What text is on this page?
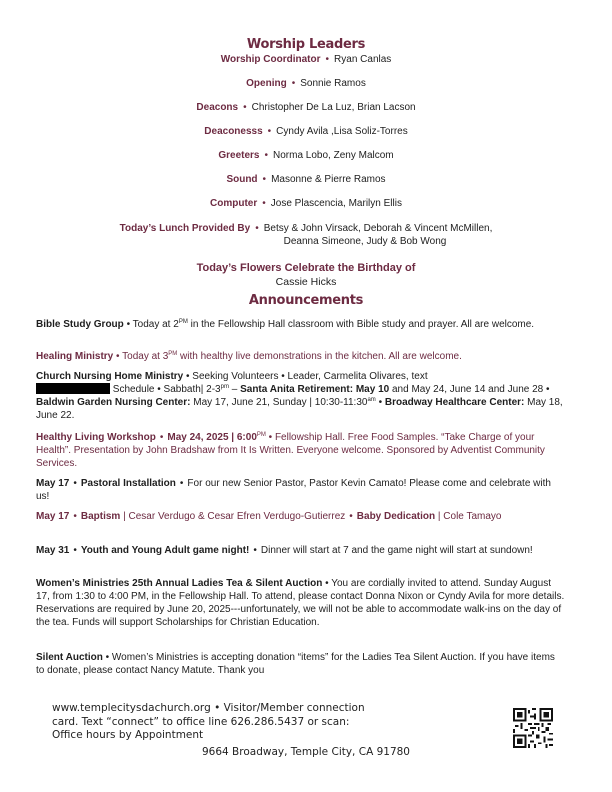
Worship Leaders
Worship Coordinator • Ryan Canlas
Opening • Sonnie Ramos
Deacons • Christopher De La Luz, Brian Lacson
Deaconesss • Cyndy Avila ,Lisa Soliz-Torres
Greeters • Norma Lobo, Zeny Malcom
Sound • Masonne & Pierre Ramos
Computer • Jose Plascencia, Marilyn Ellis
Today’s Lunch Provided By • Betsy & John Virsack, Deborah & Vincent McMillen,
Deanna Simeone, Judy & Bob Wong
Today’s Flowers Celebrate the Birthday of
Cassie Hicks
Announcements
Bible Study Group • Today at $2^{PM}$ in the Fellowship Hall classroom with Bible study and prayer. All are welcome.
Healing Ministry • Today at $3^{PM}$ with healthy live demonstrations in the kitchen. All are welcome.
Church Nursing Home Ministry • Seeking Volunteers • Leader, Carmelita Olivares, text
Schedule • Sabbath| $2-3^{pm}$ – Santa Anita Retirement: May 10 and May 24, June 14 and June 28 • Baldwin Garden Nursing Center: May 17, June 21, Sunday | $10:30-11:30^{am}$ • Broadway Healthcare Center: May 18, June 22.
Healthy Living Workshop • May 24, 2025 | $6:00^{PM}$ • Fellowship Hall. Free Food Samples. “Take Charge of your Health”. Presentation by John Bradshaw from It Is Written. Everyone welcome. Sponsored by Adventist Community Services.
May 17 • Pastoral Installation • For our new Senior Pastor, Pastor Kevin Camato! Please come and celebrate with us!
May 17 • Baptism | Cesar Verdugo & Cesar Efren Verdugo-Gutierrez • Baby Dedication | Cole Tamayo
May 31 • Youth and Young Adult game night! • Dinner will start at 7 and the game night will start at sundown!
Women’s Ministries 25th Annual Ladies Tea & Silent Auction • You are cordially invited to attend. Sunday August 17, from 1:30 to 4:00 PM, in the Fellowship Hall. To attend, please contact Donna Nixon or Cyndy Avila for more details. Reservations are required by June 20, 2025---unfortunately, we will not be able to accommodate walk-ins on the day of the tea. Funds will support Scholarships for Christian Education.
Silent Auction • Women’s Ministries is accepting donation “items” for the Ladies Tea Silent Auction. If you have items to donate, please contact Nancy Matute. Thank you
www.templecitysdachurch.org • Visitor/Member connection
card. Text “connect” to office line 626.286.5437 or scan:
Office hours by Appointment
9664 Broadway, Temple City, CA 91780
